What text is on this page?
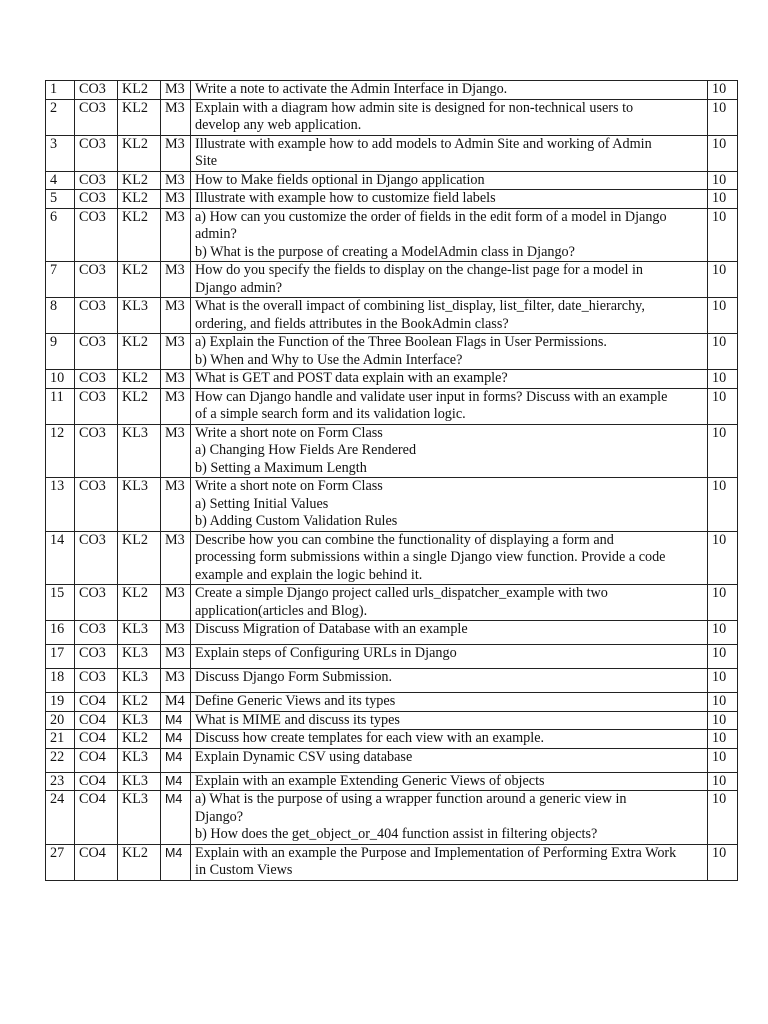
1	CO3	KL2	M3	Write a note to activate the Admin Interface in Django.	10
2	CO3	KL2	M3	Explain with a diagram how admin site is designed for non-technical users to
develop any web application.	10
3	CO3	KL2	M3	Illustrate with example how to add models to Admin Site and working of Admin
Site	10
4	CO3	KL2	M3	How to Make fields optional in Django application	10
5	CO3	KL2	M3	Illustrate with example how to customize field labels	10
6	CO3	KL2	M3	a) How can you customize the order of fields in the edit form of a model in Django
admin?
b) What is the purpose of creating a ModelAdmin class in Django?	10
7	CO3	KL2	M3	How do you specify the fields to display on the change-list page for a model in
Django admin?	10
8	CO3	KL3	M3	What is the overall impact of combining list_display, list_filter, date_hierarchy,
ordering, and fields attributes in the BookAdmin class?	10
9	CO3	KL2	M3	a) Explain the Function of the Three Boolean Flags in User Permissions.
b) When and Why to Use the Admin Interface?	10
10	CO3	KL2	M3	What is GET and POST data explain with an example?	10
11	CO3	KL2	M3	How can Django handle and validate user input in forms? Discuss with an example
of a simple search form and its validation logic.	10
12	CO3	KL3	M3	Write a short note on Form Class
a) Changing How Fields Are Rendered
b) Setting a Maximum Length	10
13	CO3	KL3	M3	Write a short note on Form Class
a) Setting Initial Values
b) Adding Custom Validation Rules	10
14	CO3	KL2	M3	Describe how you can combine the functionality of displaying a form and
processing form submissions within a single Django view function. Provide a code
example and explain the logic behind it.	10
15	CO3	KL2	M3	Create a simple Django project called urls_dispatcher_example with two
application(articles and Blog).	10
16	CO3	KL3	M3	Discuss Migration of Database with an example	10
17	CO3	KL3	M3	Explain steps of Configuring URLs in Django	10
18	CO3	KL3	M3	Discuss Django Form Submission.	10
19	CO4	KL2	M4	Define Generic Views and its types	10
20	CO4	KL3	M4	What is MIME and discuss its types	10
21	CO4	KL2	M4	Discuss how create templates for each view with an example.	10
22	CO4	KL3	M4	Explain Dynamic CSV using database	10
23	CO4	KL3	M4	Explain with an example Extending Generic Views of objects	10
24	CO4	KL3	M4	a) What is the purpose of using a wrapper function around a generic view in
Django?
b) How does the get_object_or_404 function assist in filtering objects?	10
27	CO4	KL2	M4	Explain with an example the Purpose and Implementation of Performing Extra Work
in Custom Views	10
